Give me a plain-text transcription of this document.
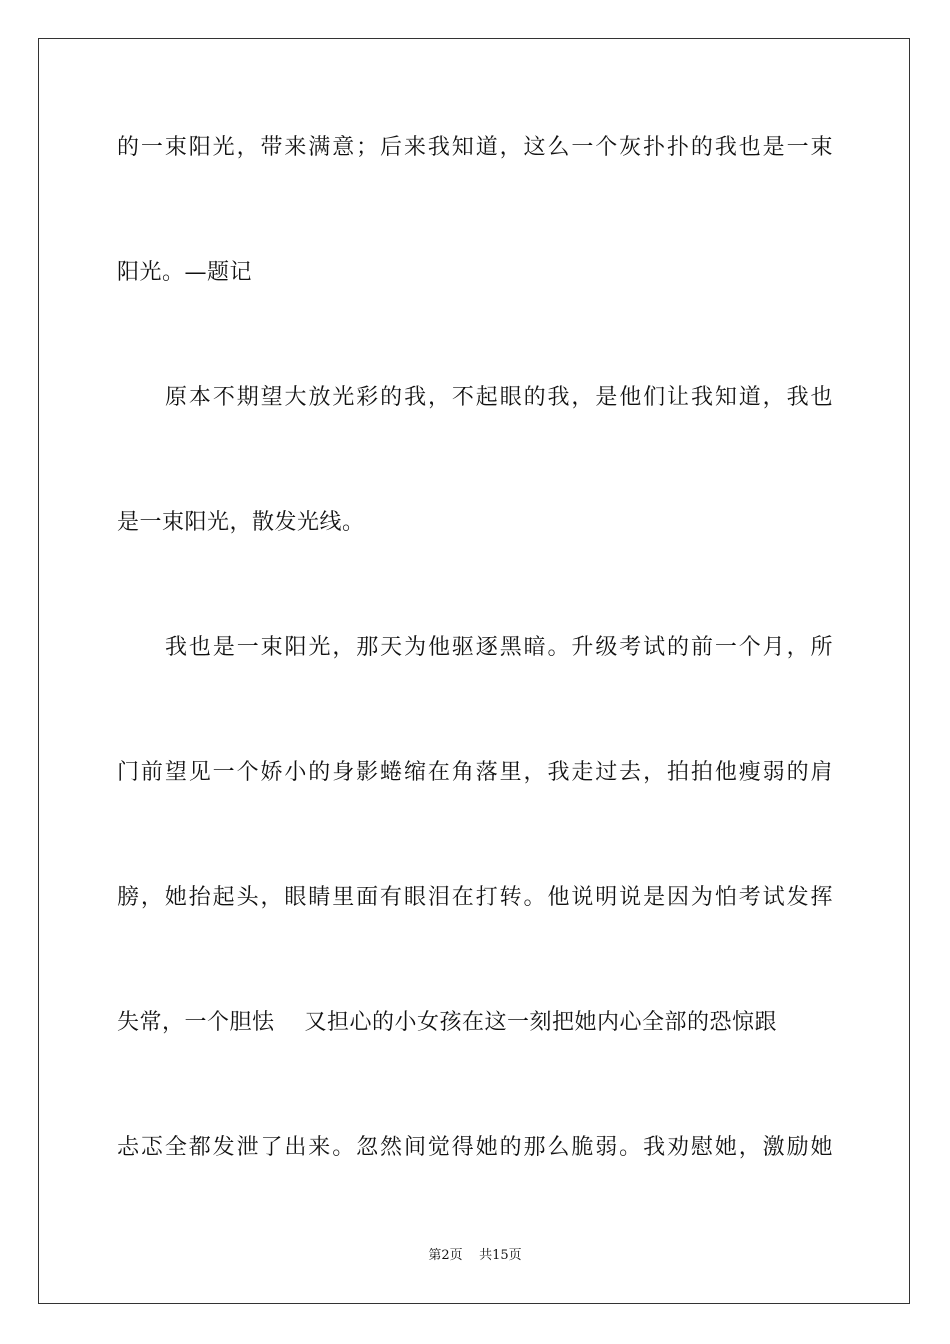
的一束阳光，带来满意；后来我知道，这么一个灰扑扑的我也是一束
阳光。—题记
原本不期望大放光彩的我，不起眼的我，是他们让我知道，我也
是一束阳光，散发光线。
我也是一束阳光，那天为他驱逐黑暗。升级考试的前一个月，所
门前望见一个娇小的身影蜷缩在角落里，我走过去，拍拍他瘦弱的肩
膀，她抬起头，眼睛里面有眼泪在打转。他说明说是因为怕考试发挥
失常，一个胆怯 又担心的小女孩在这一刻把她内心全部的恐惊跟
忐忑全都发泄了出来。忽然间觉得她的那么脆弱。我劝慰她，激励她
第2页 共15页
